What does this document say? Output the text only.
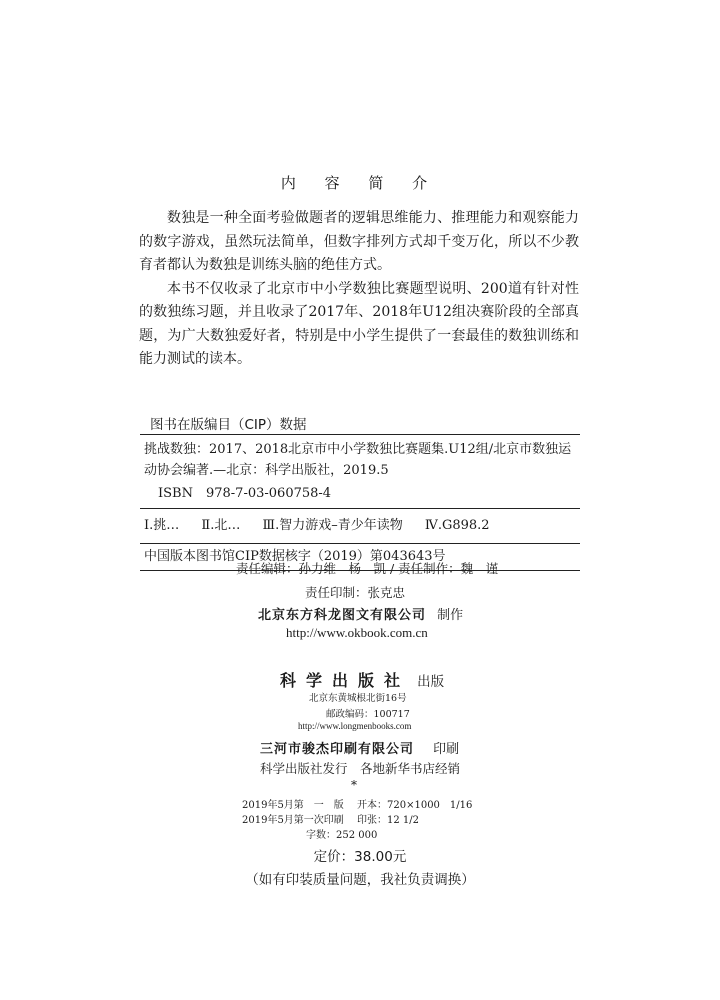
内 容 简 介

数独是一种全面考验做题者的逻辑思维能力、推理能力和观察能力的数字游戏，虽然玩法简单，但数字排列方式却千变万化，所以不少教育者都认为数独是训练头脑的绝佳方式。

本书不仅收录了北京市中小学数独比赛题型说明、200道有针对性的数独练习题，并且收录了2017年、2018年U12组决赛阶段的全部真题，为广大数独爱好者，特别是中小学生提供了一套最佳的数独训练和能力测试的读本。

图书在版编目（CIP）数据
挑战数独：2017、2018北京市中小学数独比赛题集.U12组/北京市数独运动协会编著.—北京：科学出版社，2019.5
ISBN　978-7-03-060758-4
Ⅰ.挑… Ⅱ.北… Ⅲ.智力游戏–青少年读物 Ⅳ.G898.2
中国版本图书馆CIP数据核字（2019）第043643号
责任编辑：孙力维　杨　凯 / 责任制作：魏　谨
责任印制：张克忠
北京东方科龙图文有限公司 制作
http://www.okbook.com.cn
科学出版社 出版
北京东黄城根北街16号
邮政编码：100717
http://www.longmenbooks.com
三河市骏杰印刷有限公司 印刷
科学出版社发行　各地新华书店经销
*
2019年5月第　一　版 开本：720×1000　1/16
2019年5月第一次印刷 印张：12 1/2
字数：252 000
定价：38.00元
（如有印装质量问题，我社负责调换）
